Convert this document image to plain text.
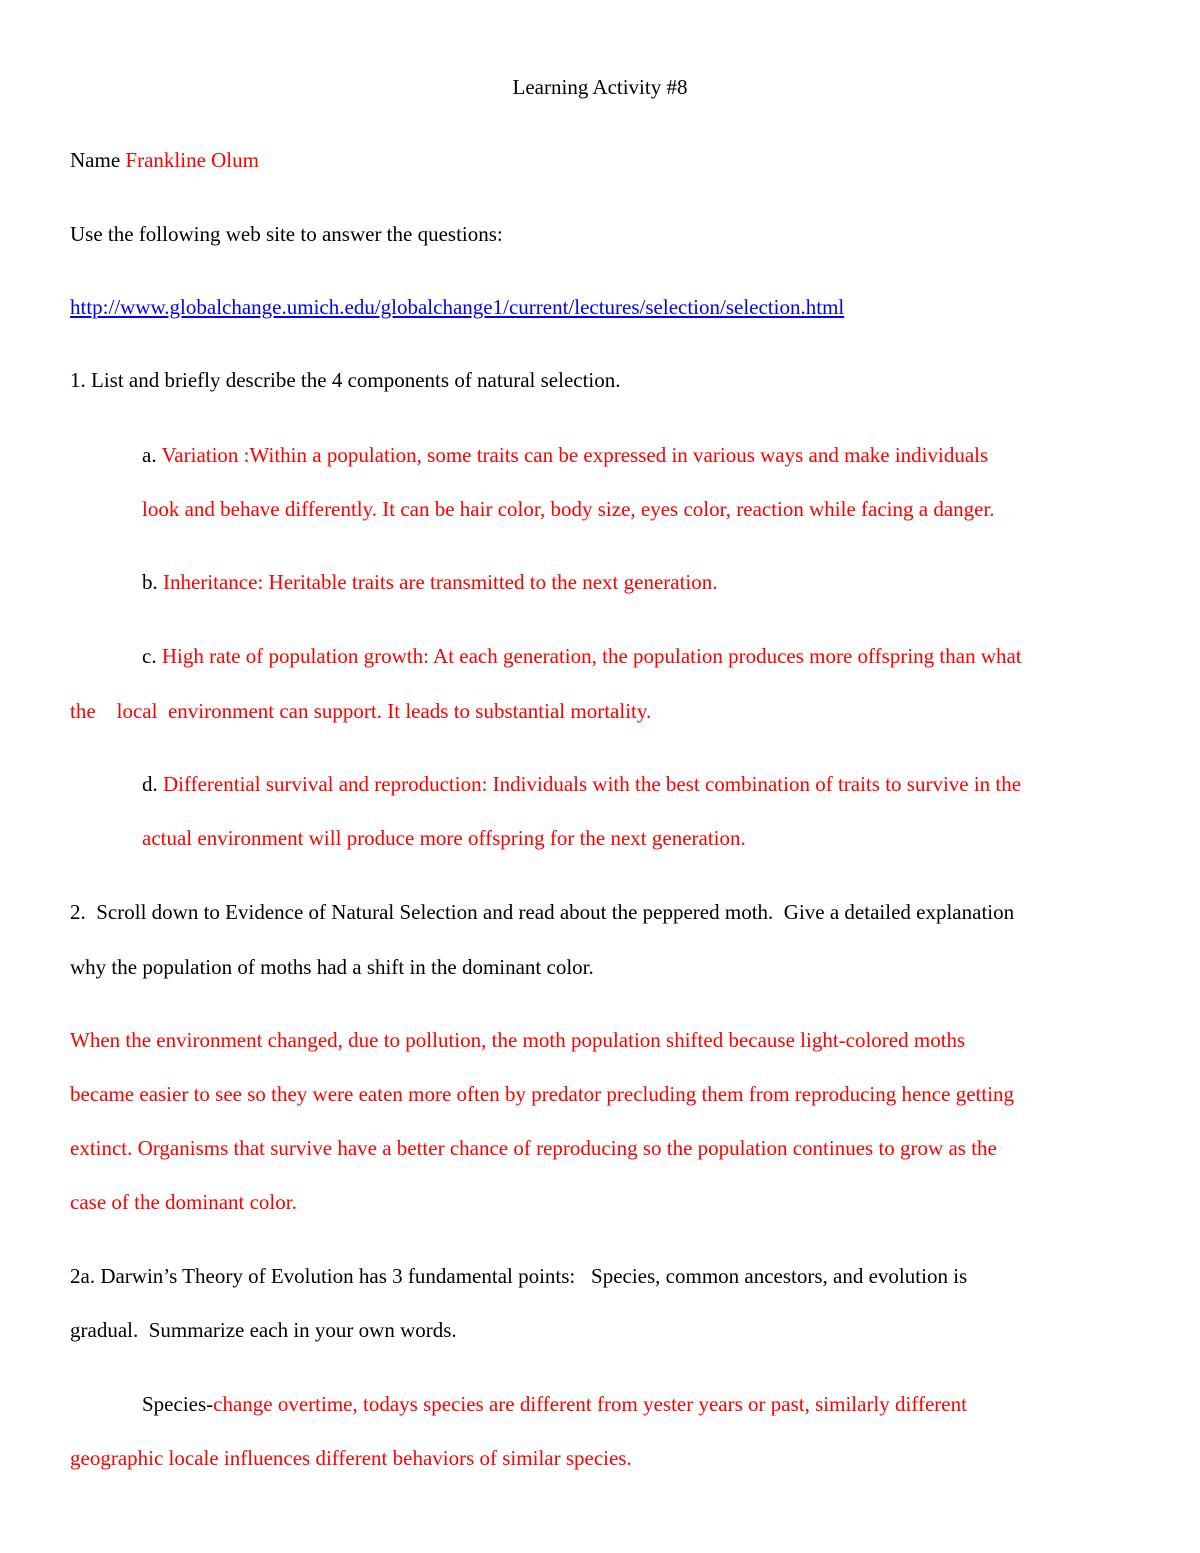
Learning Activity #8
Name Frankline Olum
Use the following web site to answer the questions:
http://www.globalchange.umich.edu/globalchange1/current/lectures/selection/selection.html
1. List and briefly describe the 4 components of natural selection.
a. Variation :Within a population, some traits can be expressed in various ways and make individuals
look and behave differently. It can be hair color, body size, eyes color, reaction while facing a danger.
b. Inheritance: Heritable traits are transmitted to the next generation.
c. High rate of population growth: At each generation, the population produces more offspring than what
the    local  environment can support. It leads to substantial mortality.
d. Differential survival and reproduction: Individuals with the best combination of traits to survive in the
actual environment will produce more offspring for the next generation.
2.  Scroll down to Evidence of Natural Selection and read about the peppered moth.  Give a detailed explanation
why the population of moths had a shift in the dominant color.
When the environment changed, due to pollution, the moth population shifted because light-colored moths
became easier to see so they were eaten more often by predator precluding them from reproducing hence getting
extinct. Organisms that survive have a better chance of reproducing so the population continues to grow as the
case of the dominant color.
2a. Darwin’s Theory of Evolution has 3 fundamental points:   Species, common ancestors, and evolution is
gradual.  Summarize each in your own words.
Species-change overtime, todays species are different from yester years or past, similarly different
geographic locale influences different behaviors of similar species.
